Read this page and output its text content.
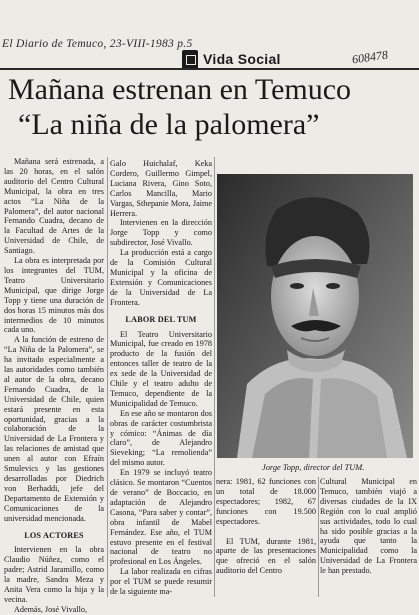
El Diario de Temuco, 23-VIII-1983 p.5
608478
Vida Social
Mañana estrenan en Temuco
“La niña de la palomera”

Mañana será estrenada, a las 20 horas, en el salón auditorio del Centro Cultural Municipal, la obra en tres actos “La Niña de la Palomera”, del autor nacional Fernando Cuadra, decano de la Facultad de Artes de la Universidad de Chile, de Santiago.

La obra es interpretada por los integrantes del TUM, Teatro Universitario Municipal, que dirige Jorge Topp y tiene una duración de dos horas 15 minutos más dos intermedios de 10 minutos cada uno.

A la función de estreno de “La Niña de la Palomera”, se ha invitado especialmente a las autoridades como también al autor de la obra, decano Fernando Cuadra, de la Universidad de Chile, quien estará presente en esta oportunidad, gracias a la colaboración de la Universidad de La Frontera y las relaciones de amistad que unen al autor con Efraín Smulevics y las gestiones desarrolladas por Diedrich von Berhaddi, jefe del Departamento de Extensión y Comunicaciones de la universidad mencionada.

LOS ACTORES

Intervienen en la obra Claudio Núñez, como el padre; Astrid Jaramillo, como la madre, Sandra Meza y Anita Vera como la hija y la vecina.

Además, José Vivallo,

Galo Huichalaf, Keka Cordero, Guillermo Gimpel, Luciana Rivera, Gino Soto, Carlos Mancilla, Mario Vargas, Sthepanie Mora, Jaime Herrera.

Intervienen en la dirección Jorge Topp y como subdirector, José Vivallo.

La producción está a cargo de la Comisión Cultural Municipal y la oficina de Extensión y Comunicaciones de la Universidad de La Frontera.

LABOR DEL TUM

El Teatro Universitario Municipal, fue creado en 1978 producto de la fusión del entonces taller de teatro de la ex sede de la Universidad de Chile y el teatro adulto de Temuco, dependiente de la Municipalidad de Temuco.

En ese año se montaron dos obras de carácter costumbrista y cómico: “Ánimas de día claro”, de Alejandro Sieveking; “La remolienda” del mismo autor.

En 1979 se incluyó teatro clásico. Se montaron “Cuentos de verano” de Boccacio, en adaptación de Alejandro Casona, “Para saber y contar”, obra infantil de Mabel Fernández. Ese año, el TUM estuvo presente en el festival nacional de teatro no profesional en Los Ángeles.

La labor realizada en cifras por el TUM se puede resumir de la siguiente ma-

Jorge Topp, director del TUM.

nera: 1981, 62 funciones con un total de 18.000 espectadores; 1982, 67 funciones con 19.500 espectadores.

El TUM, durante 1981, aparte de las presentaciones que ofreció en el salón auditorio del Centro

Cultural Municipal en Temuco, también viajó a diversas ciudades de la IX Región con lo cual amplió sus actividades, todo lo cual ha sido posible gracias a la ayuda que tanto la Municipalidad como la Universidad de La Frontera le han prestado.
